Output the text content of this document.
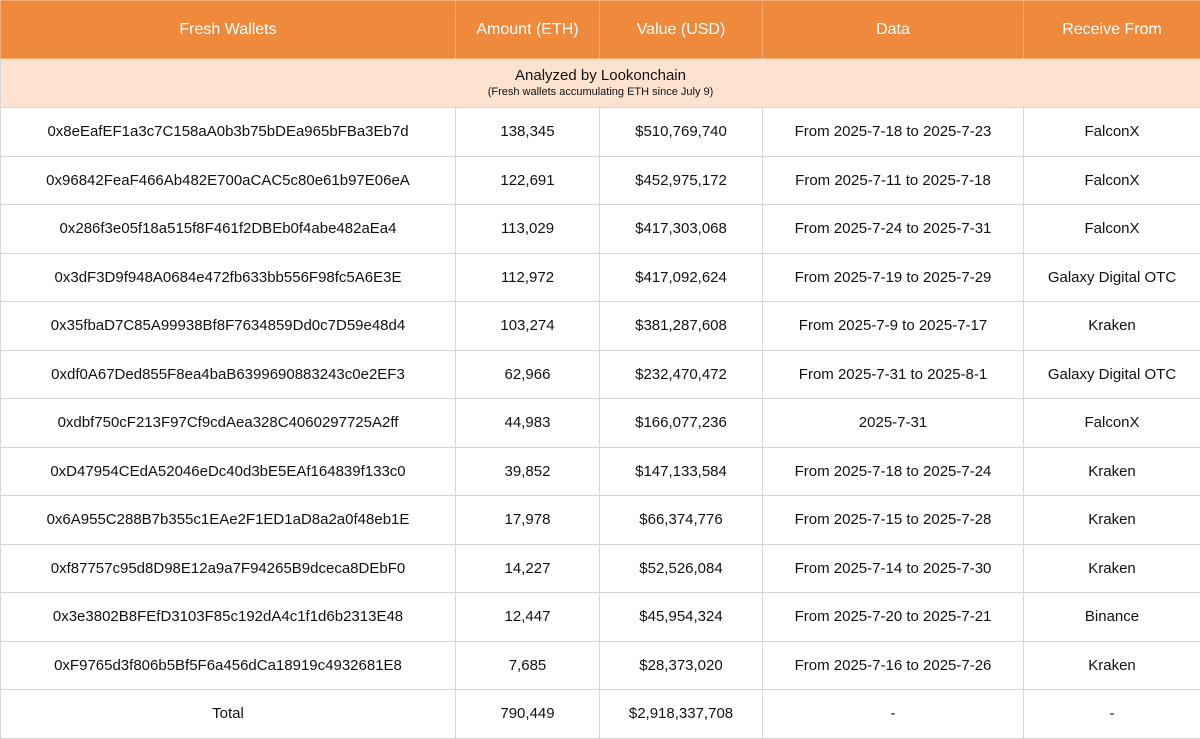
Fresh Wallets	Amount (ETH)	Value (USD)	Data	Receive From

Analyzed by Lookonchain
(Fresh wallets accumulating ETH since July 9)				

0x8eEafEF1a3c7C158aA0b3b75bDEa965bFBa3Eb7d	138,345	$510,769,740	From 2025-7-18 to 2025-7-23	FalconX
0x96842FeaF466Ab482E700aCAC5c80e61b97E06eA	122,691	$452,975,172	From 2025-7-11 to 2025-7-18	FalconX
0x286f3e05f18a515f8F461f2DBEb0f4abe482aEa4	113,029	$417,303,068	From 2025-7-24 to 2025-7-31	FalconX
0x3dF3D9f948A0684e472fb633bb556F98fc5A6E3E	112,972	$417,092,624	From 2025-7-19 to 2025-7-29	Galaxy Digital OTC
0x35fbaD7C85A99938Bf8F7634859Dd0c7D59e48d4	103,274	$381,287,608	From 2025-7-9 to 2025-7-17	Kraken
0xdf0A67Ded855F8ea4baB6399690883243c0e2EF3	62,966	$232,470,472	From 2025-7-31 to 2025-8-1	Galaxy Digital OTC
0xdbf750cF213F97Cf9cdAea328C4060297725A2ff	44,983	$166,077,236	2025-7-31	FalconX
0xD47954CEdA52046eDc40d3bE5EAf164839f133c0	39,852	$147,133,584	From 2025-7-18 to 2025-7-24	Kraken
0x6A955C288B7b355c1EAe2F1ED1aD8a2a0f48eb1E	17,978	$66,374,776	From 2025-7-15 to 2025-7-28	Kraken
0xf87757c95d8D98E12a9a7F94265B9dceca8DEbF0	14,227	$52,526,084	From 2025-7-14 to 2025-7-30	Kraken
0x3e3802B8FEfD3103F85c192dA4c1f1d6b2313E48	12,447	$45,954,324	From 2025-7-20 to 2025-7-21	Binance
0xF9765d3f806b5Bf5F6a456dCa18919c4932681E8	7,685	$28,373,020	From 2025-7-16 to 2025-7-26	Kraken
Total	790,449	$2,918,337,708	-	-
